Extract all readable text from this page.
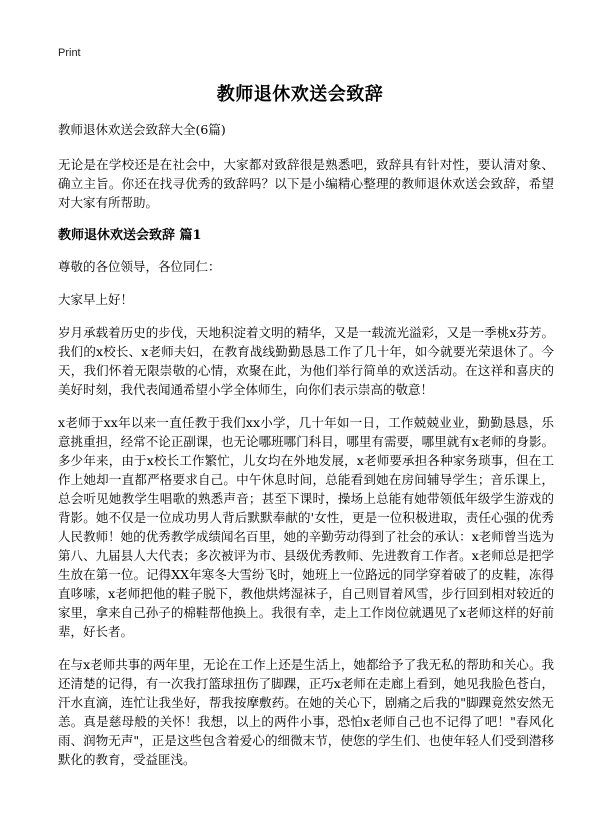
Print
教师退休欢送会致辞

教师退休欢送会致辞大全(6篇)

无论是在学校还是在社会中，大家都对致辞很是熟悉吧，致辞具有针对性，要认清对象、确立主旨。你还在找寻优秀的致辞吗？以下是小编精心整理的教师退休欢送会致辞，希望对大家有所帮助。

教师退休欢送会致辞 篇1

尊敬的各位领导，各位同仁：

大家早上好！

岁月承载着历史的步伐，天地积淀着文明的精华，又是一载流光溢彩，又是一季桃x芬芳。我们的x校长、x老师夫妇，在教育战线勤勤恳恳工作了几十年，如今就要光荣退休了。今天，我们怀着无限崇敬的心情，欢聚在此，为他们举行简单的欢送活动。在这祥和喜庆的美好时刻，我代表闻通希望小学全体师生，向你们表示崇高的敬意！

x老师于xx年以来一直任教于我们xx小学，几十年如一日，工作兢兢业业，勤勤恳恳，乐意挑重担，经常不论正副课，也无论哪班哪门科目，哪里有需要，哪里就有x老师的身影。多少年来，由于x校长工作繁忙，儿女均在外地发展，x老师要承担各种家务琐事，但在工作上她却一直都严格要求自己。中午休息时间，总能看到她在房间辅导学生；音乐课上，总会听见她教学生唱歌的熟悉声音；甚至下课时，操场上总能有她带领低年级学生游戏的背影。她不仅是一位成功男人背后默默奉献的'女性，更是一位积极进取，责任心强的优秀人民教师！她的优秀教学成绩闻名百里，她的辛勤劳动得到了社会的承认：x老师曾当选为第八、九届县人大代表；多次被评为市、县级优秀教师、先进教育工作者。x老师总是把学生放在第一位。记得XX年寒冬大雪纷飞时，她班上一位路远的同学穿着破了的皮鞋，冻得直哆嗦，x老师把他的鞋子脱下，教他烘烤湿袜子，自己则冒着风雪，步行回到相对较近的家里，拿来自己孙子的棉鞋帮他换上。我很有幸，走上工作岗位就遇见了x老师这样的好前辈，好长者。

在与x老师共事的两年里，无论在工作上还是生活上，她都给予了我无私的帮助和关心。我还清楚的记得，有一次我打篮球扭伤了脚踝，正巧x老师在走廊上看到，她见我脸色苍白，汗水直滴，连忙让我坐好，帮我按摩敷药。在她的关心下，剧痛之后我的"脚踝竟然安然无恙。真是慈母般的关怀！我想，以上的两件小事，恐怕x老师自己也不记得了吧！"春风化雨、润物无声"，正是这些包含着爱心的细微末节，使您的学生们、也使年轻人们受到潜移默化的教育，受益匪浅。
